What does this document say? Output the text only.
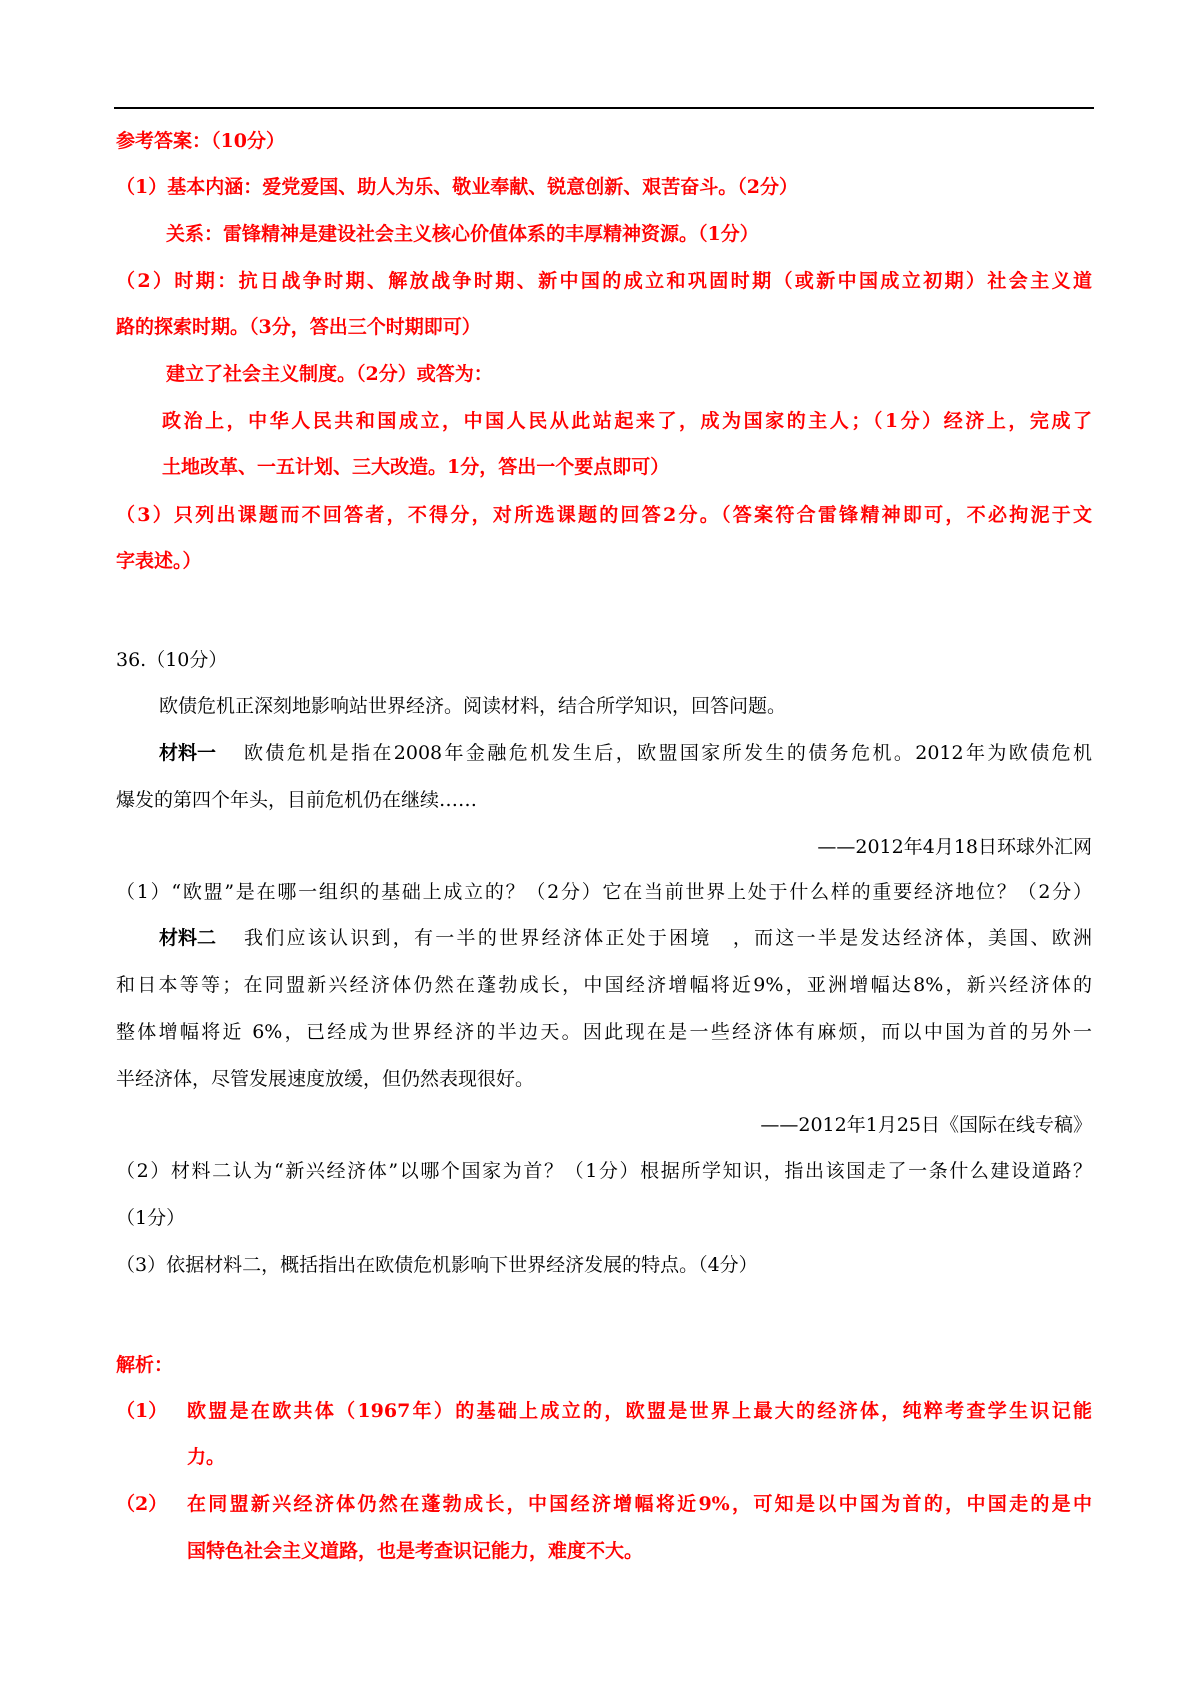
参考答案：（10分）
（1）基本内涵：爱党爱国、助人为乐、敬业奉献、锐意创新、艰苦奋斗。（2分）
关系：雷锋精神是建设社会主义核心价值体系的丰厚精神资源。（1分）
（2）时期：抗日战争时期、解放战争时期、新中国的成立和巩固时期（或新中国成立初期）社会主义道
路的探索时期。（3分，答出三个时期即可）
建立了社会主义制度。（2分）或答为：
政治上，中华人民共和国成立，中国人民从此站起来了，成为国家的主人；（1分）经济上，完成了
土地改革、一五计划、三大改造。1分，答出一个要点即可）
（3）只列出课题而不回答者，不得分，对所选课题的回答2分。（答案符合雷锋精神即可，不必拘泥于文
字表述。）
36.（10分）
欧债危机正深刻地影响站世界经济。阅读材料，结合所学知识，回答问题。
材料一 欧债危机是指在2008年金融危机发生后，欧盟国家所发生的债务危机。2012年为欧债危机
爆发的第四个年头，目前危机仍在继续……
——2012年4月18日环球外汇网
（1）“欧盟”是在哪一组织的基础上成立的？（2分）它在当前世界上处于什么样的重要经济地位？（2分）
材料二 我们应该认识到，有一半的世界经济体正处于困境　，而这一半是发达经济体，美国、欧洲
和日本等等；在同盟新兴经济体仍然在蓬勃成长，中国经济增幅将近9%，亚洲增幅达8%，新兴经济体的
整体增幅将近 6%，已经成为世界经济的半边天。因此现在是一些经济体有麻烦，而以中国为首的另外一
半经济体，尽管发展速度放缓，但仍然表现很好。
——2012年1月25日《国际在线专稿》
（2）材料二认为“新兴经济体”以哪个国家为首？（1分）根据所学知识，指出该国走了一条什么建设道路？
（1分）
（3）依据材料二，概括指出在欧债危机影响下世界经济发展的特点。（4分）
解析：
（1） 欧盟是在欧共体（1967年）的基础上成立的，欧盟是世界上最大的经济体，纯粹考查学生识记能
力。
（2） 在同盟新兴经济体仍然在蓬勃成长，中国经济增幅将近9%，可知是以中国为首的，中国走的是中
国特色社会主义道路，也是考查识记能力，难度不大。
